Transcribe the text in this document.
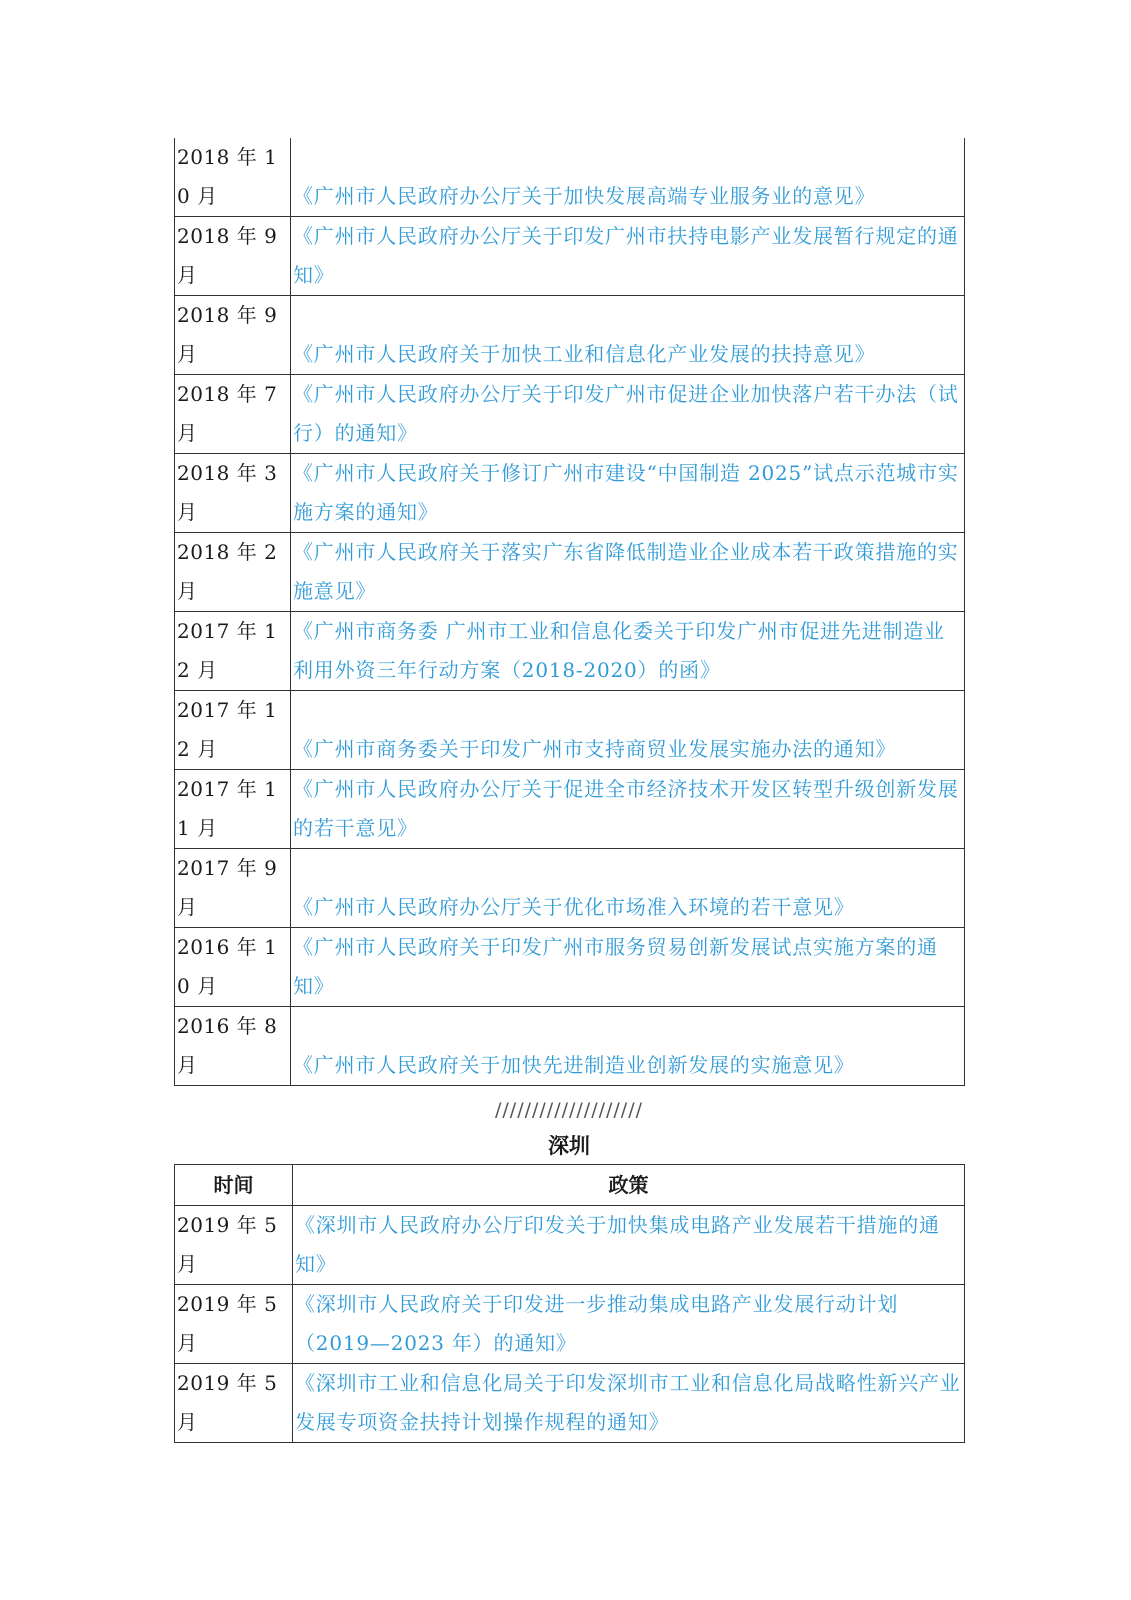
2018 年 10 月	《广州市人民政府办公厅关于加快发展高端专业服务业的意见》
2018 年 9 月	《广州市人民政府办公厅关于印发广州市扶持电影产业发展暂行规定的通知》
2018 年 9 月	《广州市人民政府关于加快工业和信息化产业发展的扶持意见》
2018 年 7 月	《广州市人民政府办公厅关于印发广州市促进企业加快落户若干办法（试行）的通知》
2018 年 3 月	《广州市人民政府关于修订广州市建设“中国制造 2025”试点示范城市实施方案的通知》
2018 年 2 月	《广州市人民政府关于落实广东省降低制造业企业成本若干政策措施的实施意见》
2017 年 12 月	《广州市商务委 广州市工业和信息化委关于印发广州市促进先进制造业利用外资三年行动方案（2018-2020）的函》
2017 年 12 月	《广州市商务委关于印发广州市支持商贸业发展实施办法的通知》
2017 年 11 月	《广州市人民政府办公厅关于促进全市经济技术开发区转型升级创新发展的若干意见》
2017 年 9 月	《广州市人民政府办公厅关于优化市场准入环境的若干意见》
2016 年 10 月	《广州市人民政府关于印发广州市服务贸易创新发展试点实施方案的通知》
2016 年 8 月	《广州市人民政府关于加快先进制造业创新发展的实施意见》
////////////////////
深圳
时间	政策
2019 年 5 月	《深圳市人民政府办公厅印发关于加快集成电路产业发展若干措施的通知》
2019 年 5 月	《深圳市人民政府关于印发进一步推动集成电路产业发展行动计划（2019—2023 年）的通知》
2019 年 5 月	《深圳市工业和信息化局关于印发深圳市工业和信息化局战略性新兴产业发展专项资金扶持计划操作规程的通知》
